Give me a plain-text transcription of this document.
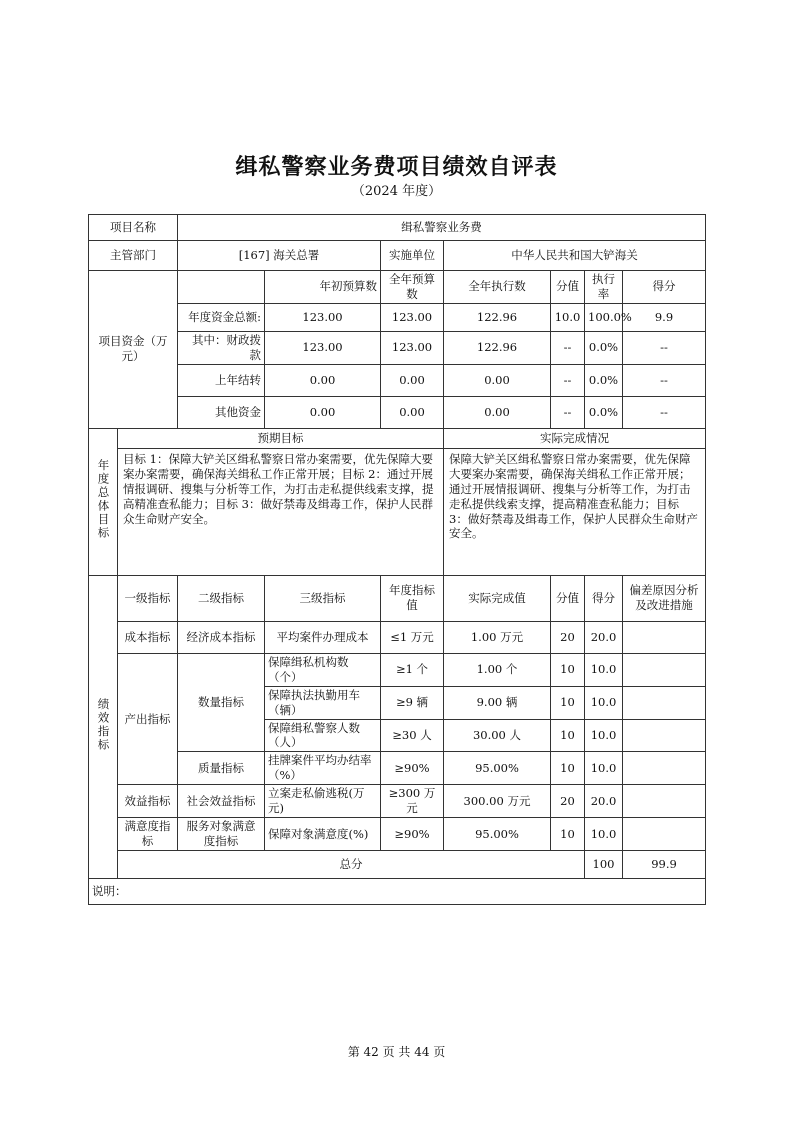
缉私警察业务费项目绩效自评表
（2024 年度）
项目名称		缉私警察业务费							
主管部门		[167] 海关总署		实施单位	中华人民共和国大铲海关				
项目资金（万元）			年初预算数	全年预算数	全年执行数	分值	执行率	得分	
		年度资金总额:	123.00	123.00	122.96	10.0	100.0%	9.9	
		其中：财政拨款	123.00	123.00	122.96	--	0.0%	--	
		上年结转	0.00	0.00	0.00	--	0.0%	--	
		其他资金	0.00	0.00	0.00	--	0.0%	--	
年度总体目标	预期目标				实际完成情况				
	目标 1：保障大铲关区缉私警察日常办案需要，优先保障大要案办案需要，确保海关缉私工作正常开展；目标 2：通过开展情报调研、搜集与分析等工作，为打击走私提供线索支撑，提高精准查私能力；目标 3：做好禁毒及缉毒工作，保护人民群众生命财产安全。				保障大铲关区缉私警察日常办案需要，优先保障大要案办案需要，确保海关缉私工作正常开展；通过开展情报调研、搜集与分析等工作，为打击走私提供线索支撑，提高精准查私能力；目标 3：做好禁毒及缉毒工作，保护人民群众生命财产安全。				
绩效指标	一级指标	二级指标	三级指标	年度指标值	实际完成值	分值	得分	偏差原因分析及改进措施	
	成本指标	经济成本指标	平均案件办理成本	≤1 万元	1.00 万元	20	20.0		
	产出指标	数量指标	保障缉私机构数（个）	≥1 个	1.00 个	10	10.0		
			保障执法执勤用车（辆）	≥9 辆	9.00 辆	10	10.0		
			保障缉私警察人数（人）	≥30 人	30.00 人	10	10.0		
		质量指标	挂牌案件平均办结率（%）	≥90%	95.00%	10	10.0		
	效益指标	社会效益指标	立案走私偷逃税(万元)	≥300 万元	300.00 万元	20	20.0		
	满意度指标	服务对象满意度指标	保障对象满意度(%)	≥90%	95.00%	10	10.0		
	总分						100	99.9	
说明：									
第 42 页 共 44 页
